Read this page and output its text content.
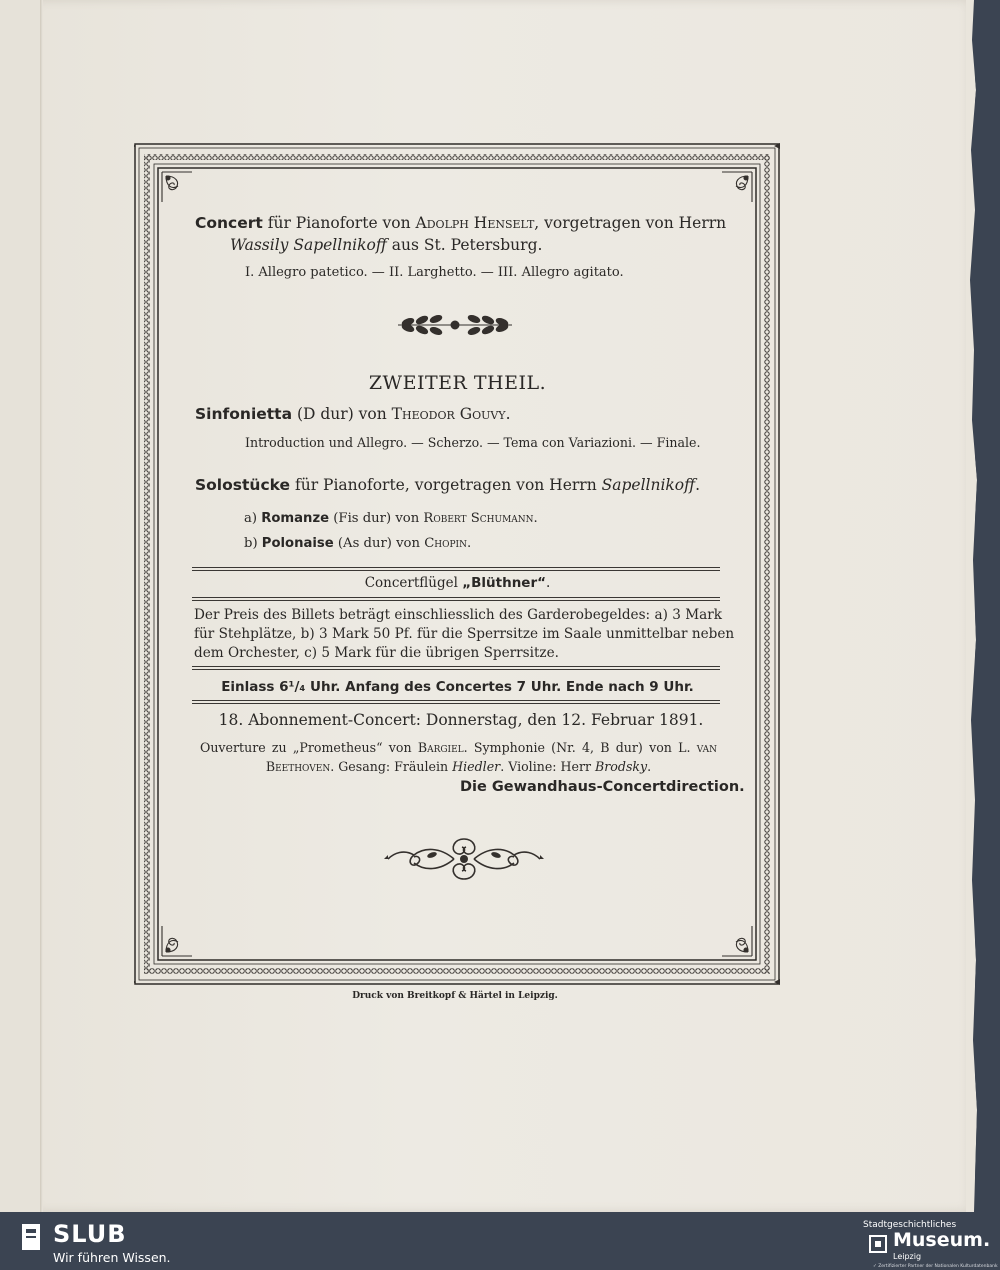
Concert für Pianoforte von Adolph Henselt, vorgetragen von Herrn
Wassily Sapellnikoff aus St. Petersburg.
I. Allegro patetico. — II. Larghetto. — III. Allegro agitato.
ZWEITER THEIL.
Sinfonietta (D dur) von Theodor Gouvy.
Introduction und Allegro. — Scherzo. — Tema con Variazioni. — Finale.
Solostücke für Pianoforte, vorgetragen von Herrn Sapellnikoff.
a) Romanze (Fis dur) von Robert Schumann.
b) Polonaise (As dur) von Chopin.
Concertflügel „Blüthner“.
Der Preis des Billets beträgt einschliesslich des Garderobegeldes: a) 3 Mark
für Stehplätze, b) 3 Mark 50 Pf. für die Sperrsitze im Saale unmittelbar neben
dem Orchester, c) 5 Mark für die übrigen Sperrsitze.
Einlass 6¹/₄ Uhr. Anfang des Concertes 7 Uhr. Ende nach 9 Uhr.
18. Abonnement-Concert: Donnerstag, den 12. Februar 1891.
Ouverture zu „Prometheus“ von Bargiel. Symphonie (Nr. 4, B dur) von L. van
Beethoven. Gesang: Fräulein Hiedler. Violine: Herr Brodsky.
Die Gewandhaus-Concertdirection.
Druck von Breitkopf & Härtel in Leipzig.
SLUB
Wir führen Wissen.
Stadtgeschichtliches
Museum.
Leipzig
✓ Zertifizierter Partner der Nationalen Kulturdatenbank
